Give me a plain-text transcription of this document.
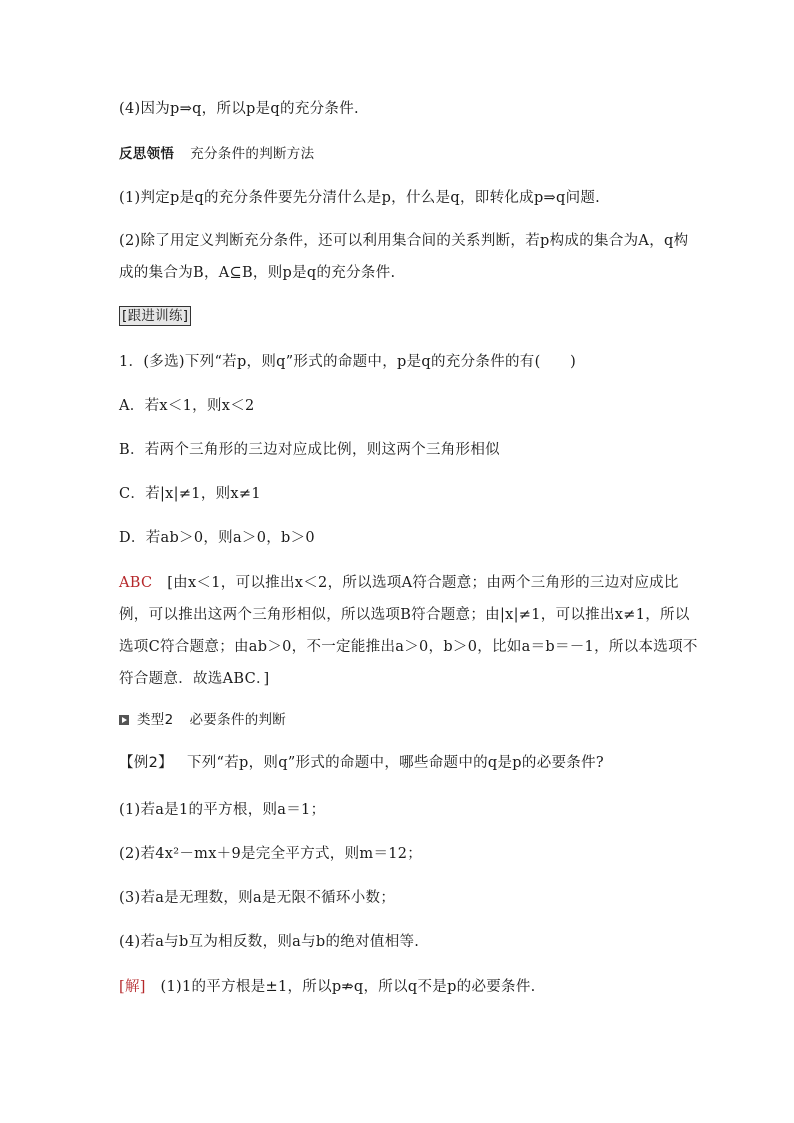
(4)因为p⇒q，所以p是q的充分条件.
反思领悟 充分条件的判断方法
(1)判定p是q的充分条件要先分清什么是p，什么是q，即转化成p⇒q问题.
(2)除了用定义判断充分条件，还可以利用集合间的关系判断，若p构成的集合为A，q构成的集合为B，A⊆B，则p是q的充分条件.
[跟进训练]
1．(多选)下列“若p，则q”形式的命题中，p是q的充分条件的有(　　)
A．若x＜1，则x＜2
B．若两个三角形的三边对应成比例，则这两个三角形相似
C．若|x|≠1，则x≠1
D．若ab＞0，则a＞0，b＞0
ABC　 [由x＜1，可以推出x＜2，所以选项A符合题意；由两个三角形的三边对应成比例，可以推出这两个三角形相似，所以选项B符合题意；由|x|≠1，可以推出x≠1，所以选项C符合题意；由ab＞0，不一定能推出a＞0，b＞0，比如a＝b＝－1，所以本选项不符合题意．故选ABC．]
类型2 必要条件的判断
【例2】 下列“若p，则q”形式的命题中，哪些命题中的q是p的必要条件?
(1)若a是1的平方根，则a＝1；
(2)若4x²－mx＋9是完全平方式，则m＝12；
(3)若a是无理数，则a是无限不循环小数；
(4)若a与b互为相反数，则a与b的绝对值相等.
[解]　 (1)1的平方根是±1，所以p⇏q，所以q不是p的必要条件.
